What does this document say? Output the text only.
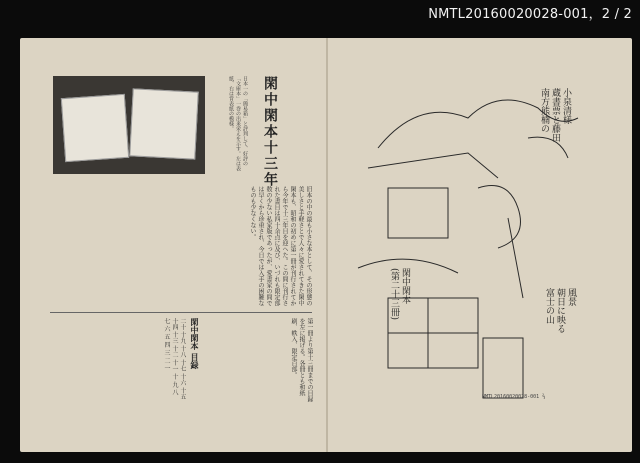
NMTL20160020028-001，2 / 2
日本一の「簡易箱」と評判して、好評の「文庫本」一巻の出来栄えを示す。左は表紙、右は背表紙の模様。	閑中閑本十三年
旧本の中の最も小さな本として、その形態の美しさと手軽さとで人々に愛されてきた閑中閑本も、昭和の初めに第一冊が刊行されてから今年で十三年目を迎へた。この間に刊行された書目は四十余点に及び、いづれも限定部数の少ない私家版であったが、愛書家の間では早くから珍重され、今日では入手の困難なものも少なくない。
閑中閑本 目録	第一冊より第十三冊までの目録を左に掲げる。各冊とも和紙刷、帙入、限定百部。
二十 十九 十八 十七 十六 十五 十四 十三 十二 十一 十 九 八 七 六 五 四 三 二 一
小泉清様
蔵書票と藤田
南方熊楠の
閑中閑本
(第二十三冊)	風景
朝日に映る
富士の山
NMTL20160020028-001 ⅔
